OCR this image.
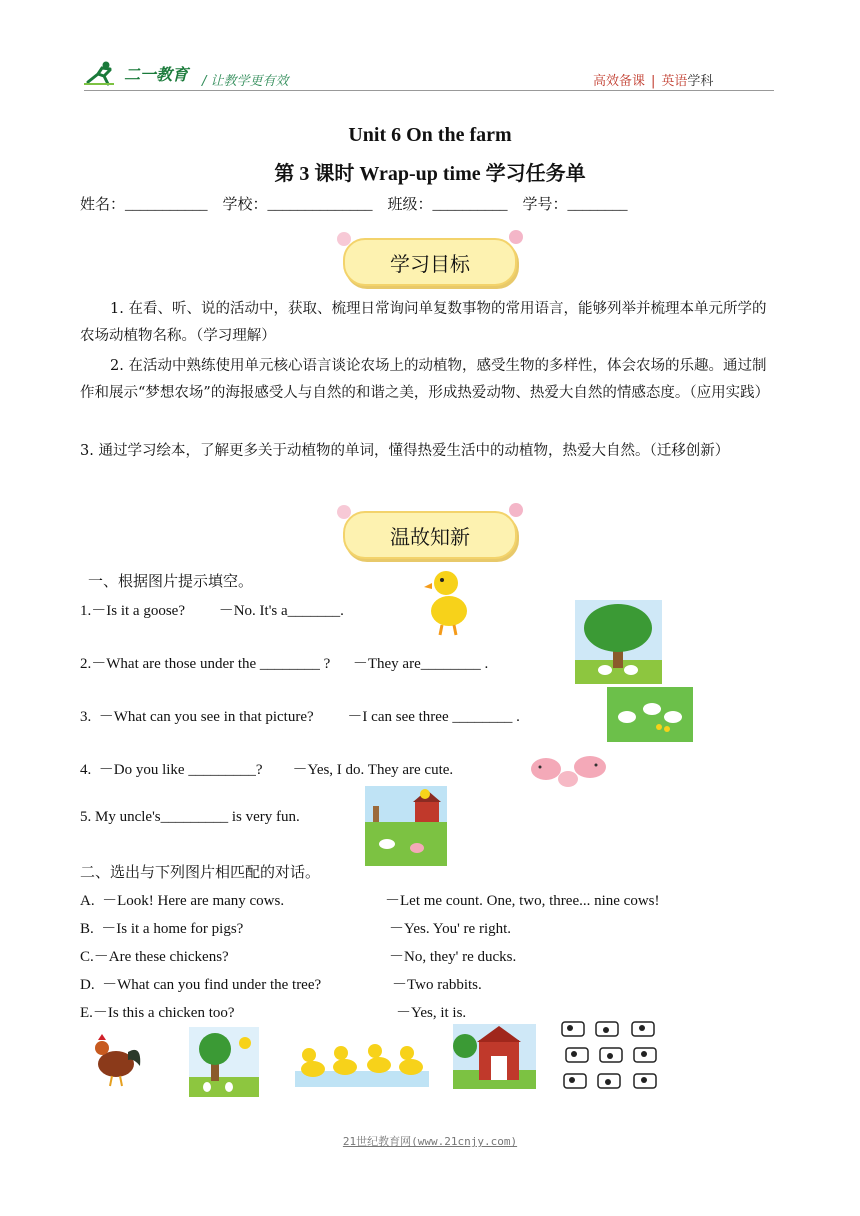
二一教育 / 让教学更有效	高效备课 | 英语学科
Unit 6 On the farm
第 3 课时 Wrap-up time 学习任务单
姓名：___________    学校：______________    班级：__________    学号：________
学习目标
1. 在看、听、说的活动中，获取、梳理日常询问单复数事物的常用语言，能够列举并梳理本单元所学的农场动植物名称。（学习理解）
2. 在活动中熟练使用单元核心语言谈论农场上的动植物，感受生物的多样性，体会农场的乐趣。通过制作和展示“梦想农场”的海报感受人与自然的和谐之美，形成热爱动物、热爱大自然的情感态度。（应用实践）
3. 通过学习绘本，了解更多关于动植物的单词，懂得热爱生活中的动植物，热爱大自然。（迁移创新）
温故知新
一、根据图片提示填空。
1.－Is it a goose?         －No. It's a_______.
2.－What are those under the ________ ?      －They are________ .
3.  －What can you see in that picture?         －I can see three ________ .
4.  －Do you like _________?        －Yes, I do. They are cute.
5. My uncle's_________ is very fun.
二、选出与下列图片相匹配的对话。
A.  －Look! Here are many cows.	－Let me count. One, two, three... nine cows!
B.  －Is it a home for pigs?	－Yes. You' re right.
C.－Are these chickens?	－No, they' re ducks.
D.  －What can you find under the tree?	－Two rabbits.
E.－Is this a chicken too?	－Yes, it is.
21世纪教育网(www.21cnjy.com)
